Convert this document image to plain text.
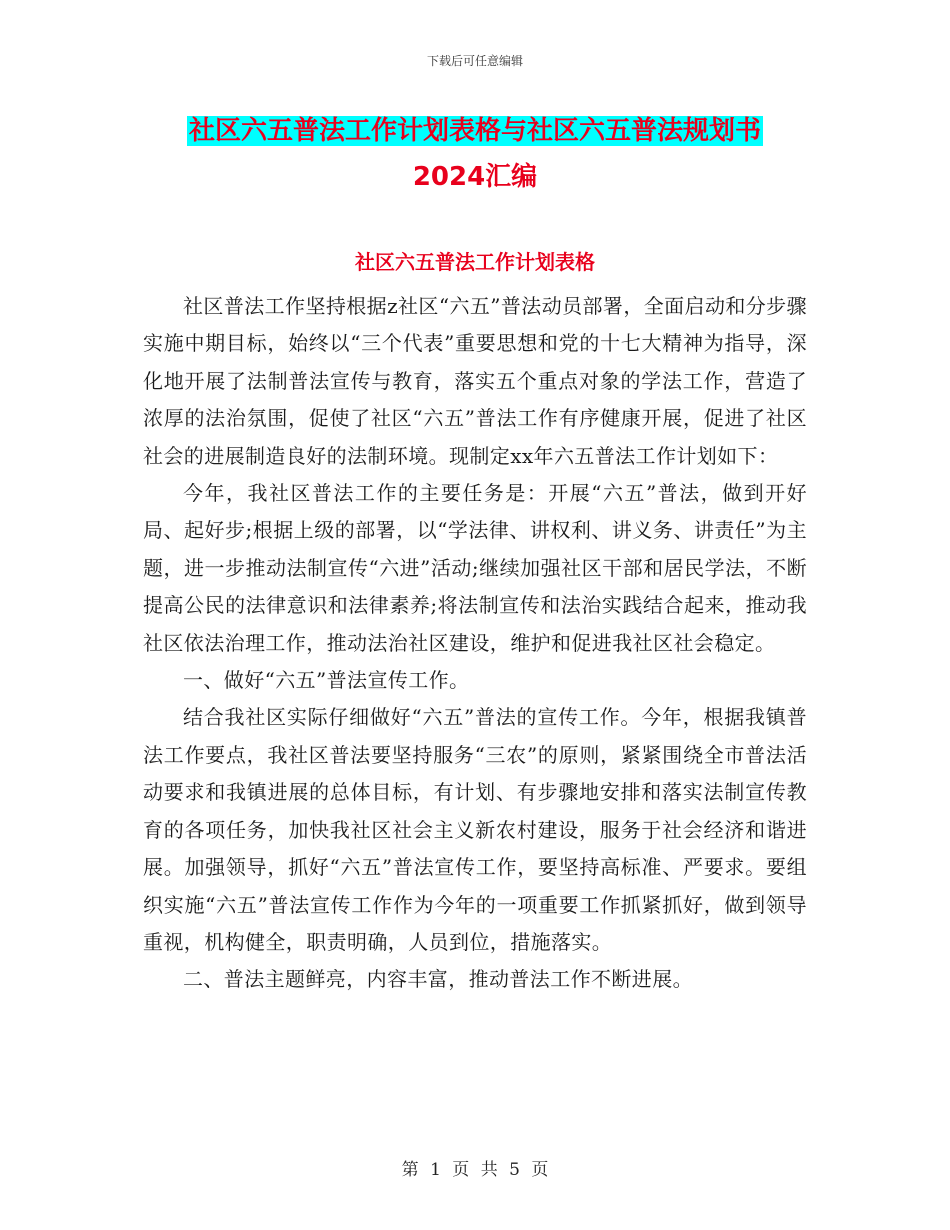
下载后可任意编辑
社区六五普法工作计划表格与社区六五普法规划书
2024汇编
社区六五普法工作计划表格

社区普法工作坚持根据z社区“六五”普法动员部署，全面启动和分步骤实施中期目标，始终以“三个代表”重要思想和党的十七大精神为指导，深化地开展了法制普法宣传与教育，落实五个重点对象的学法工作，营造了浓厚的法治氛围，促使了社区“六五”普法工作有序健康开展，促进了社区社会的进展制造良好的法制环境。现制定xx年六五普法工作计划如下：

今年，我社区普法工作的主要任务是：开展“六五”普法，做到开好局、起好步;根据上级的部署，以“学法律、讲权利、讲义务、讲责任”为主题，进一步推动法制宣传“六进”活动;继续加强社区干部和居民学法，不断提高公民的法律意识和法律素养;将法制宣传和法治实践结合起来，推动我社区依法治理工作，推动法治社区建设，维护和促进我社区社会稳定。

一、做好“六五”普法宣传工作。

结合我社区实际仔细做好“六五”普法的宣传工作。今年，根据我镇普法工作要点，我社区普法要坚持服务“三农”的原则，紧紧围绕全市普法活动要求和我镇进展的总体目标，有计划、有步骤地安排和落实法制宣传教育的各项任务，加快我社区社会主义新农村建设，服务于社会经济和谐进展。加强领导，抓好“六五”普法宣传工作，要坚持高标准、严要求。要组织实施“六五”普法宣传工作作为今年的一项重要工作抓紧抓好，做到领导重视，机构健全，职责明确，人员到位，措施落实。

二、普法主题鲜亮，内容丰富，推动普法工作不断进展。

第 1 页 共 5 页
